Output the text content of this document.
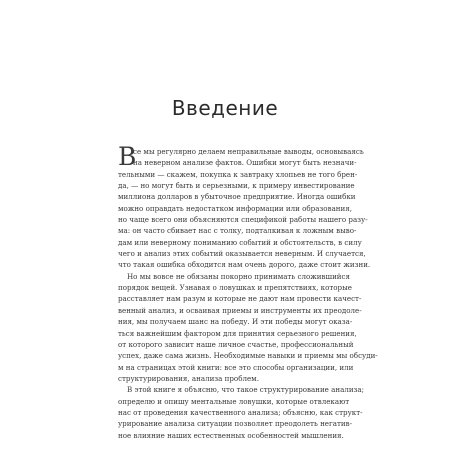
Введение
В
се мы регулярно делаем неправильные выводы, основываясь
на неверном анализе фактов. Ошибки могут быть незначи-
тельными — скажем, покупка к завтраку хлопьев не того брен-
да, — но могут быть и серьезными, к примеру инвестирование
миллиона долларов в убыточное предприятие. Иногда ошибки
можно оправдать недостатком информации или образования,
но чаще всего они объясняются спецификой работы нашего разу-
ма: он часто сбивает нас с толку, подталкивая к ложным выво-
дам или неверному пониманию событий и обстоятельств, в силу
чего и анализ этих событий оказывается неверным. И случается,
что такая ошибка обходится нам очень дорого, даже стоит жизни.
Но мы вовсе не обязаны покорно принимать сложившийся
порядок вещей. Узнавая о ловушках и препятствиях, которые
расставляет нам разум и которые не дают нам провести качест-
венный анализ, и осваивая приемы и инструменты их преодоле-
ния, мы получаем шанс на победу. И эти победы могут оказа-
ться важнейшим фактором для принятия серьезного решения,
от которого зависит наше личное счастье, профессиональный
успех, даже сама жизнь. Необходимые навыки и приемы мы обсуди-
м на страницах этой книги: все это способы организации, или
структурирования, анализа проблем.
В этой книге я объясню, что такое структурирование анализа;
определю и опишу ментальные ловушки, которые отвлекают
нас от проведения качественного анализа; объясню, как структ-
урирование анализа ситуации позволяет преодолеть негатив-
ное влияние наших естественных особенностей мышления.
